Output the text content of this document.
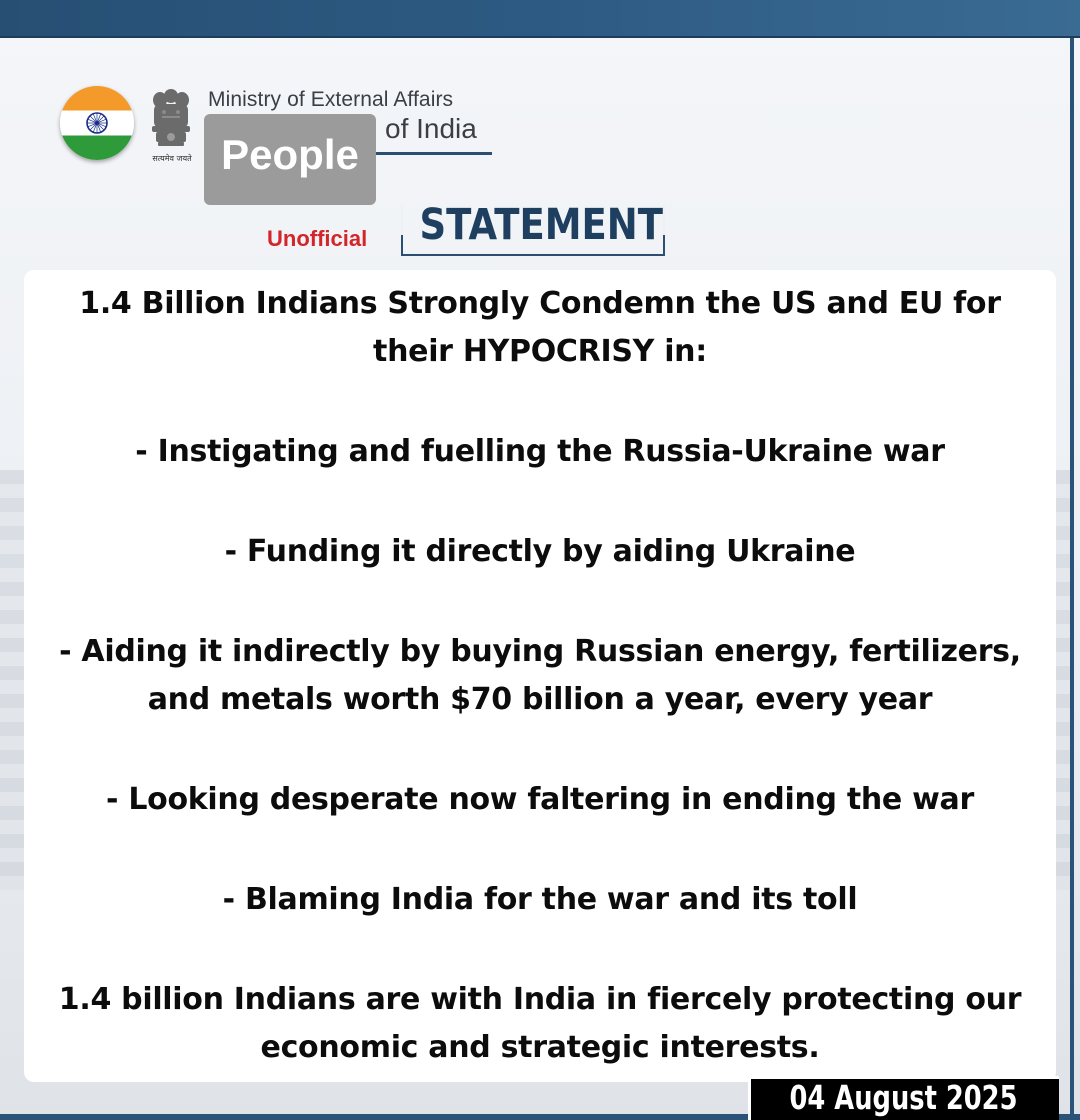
सत्यमेव जयते
Ministry of External Affairs
of India
People
Unofficial STATEMENT

1.4 Billion Indians Strongly Condemn the US and EU for

their HYPOCRISY in:

- Instigating and fuelling the Russia-Ukraine war

- Funding it directly by aiding Ukraine

- Aiding it indirectly by buying Russian energy, fertilizers,

and metals worth $70 billion a year, every year

- Looking desperate now faltering in ending the war

- Blaming India for the war and its toll

1.4 billion Indians are with India in fiercely protecting our

economic and strategic interests.

04 August 2025
